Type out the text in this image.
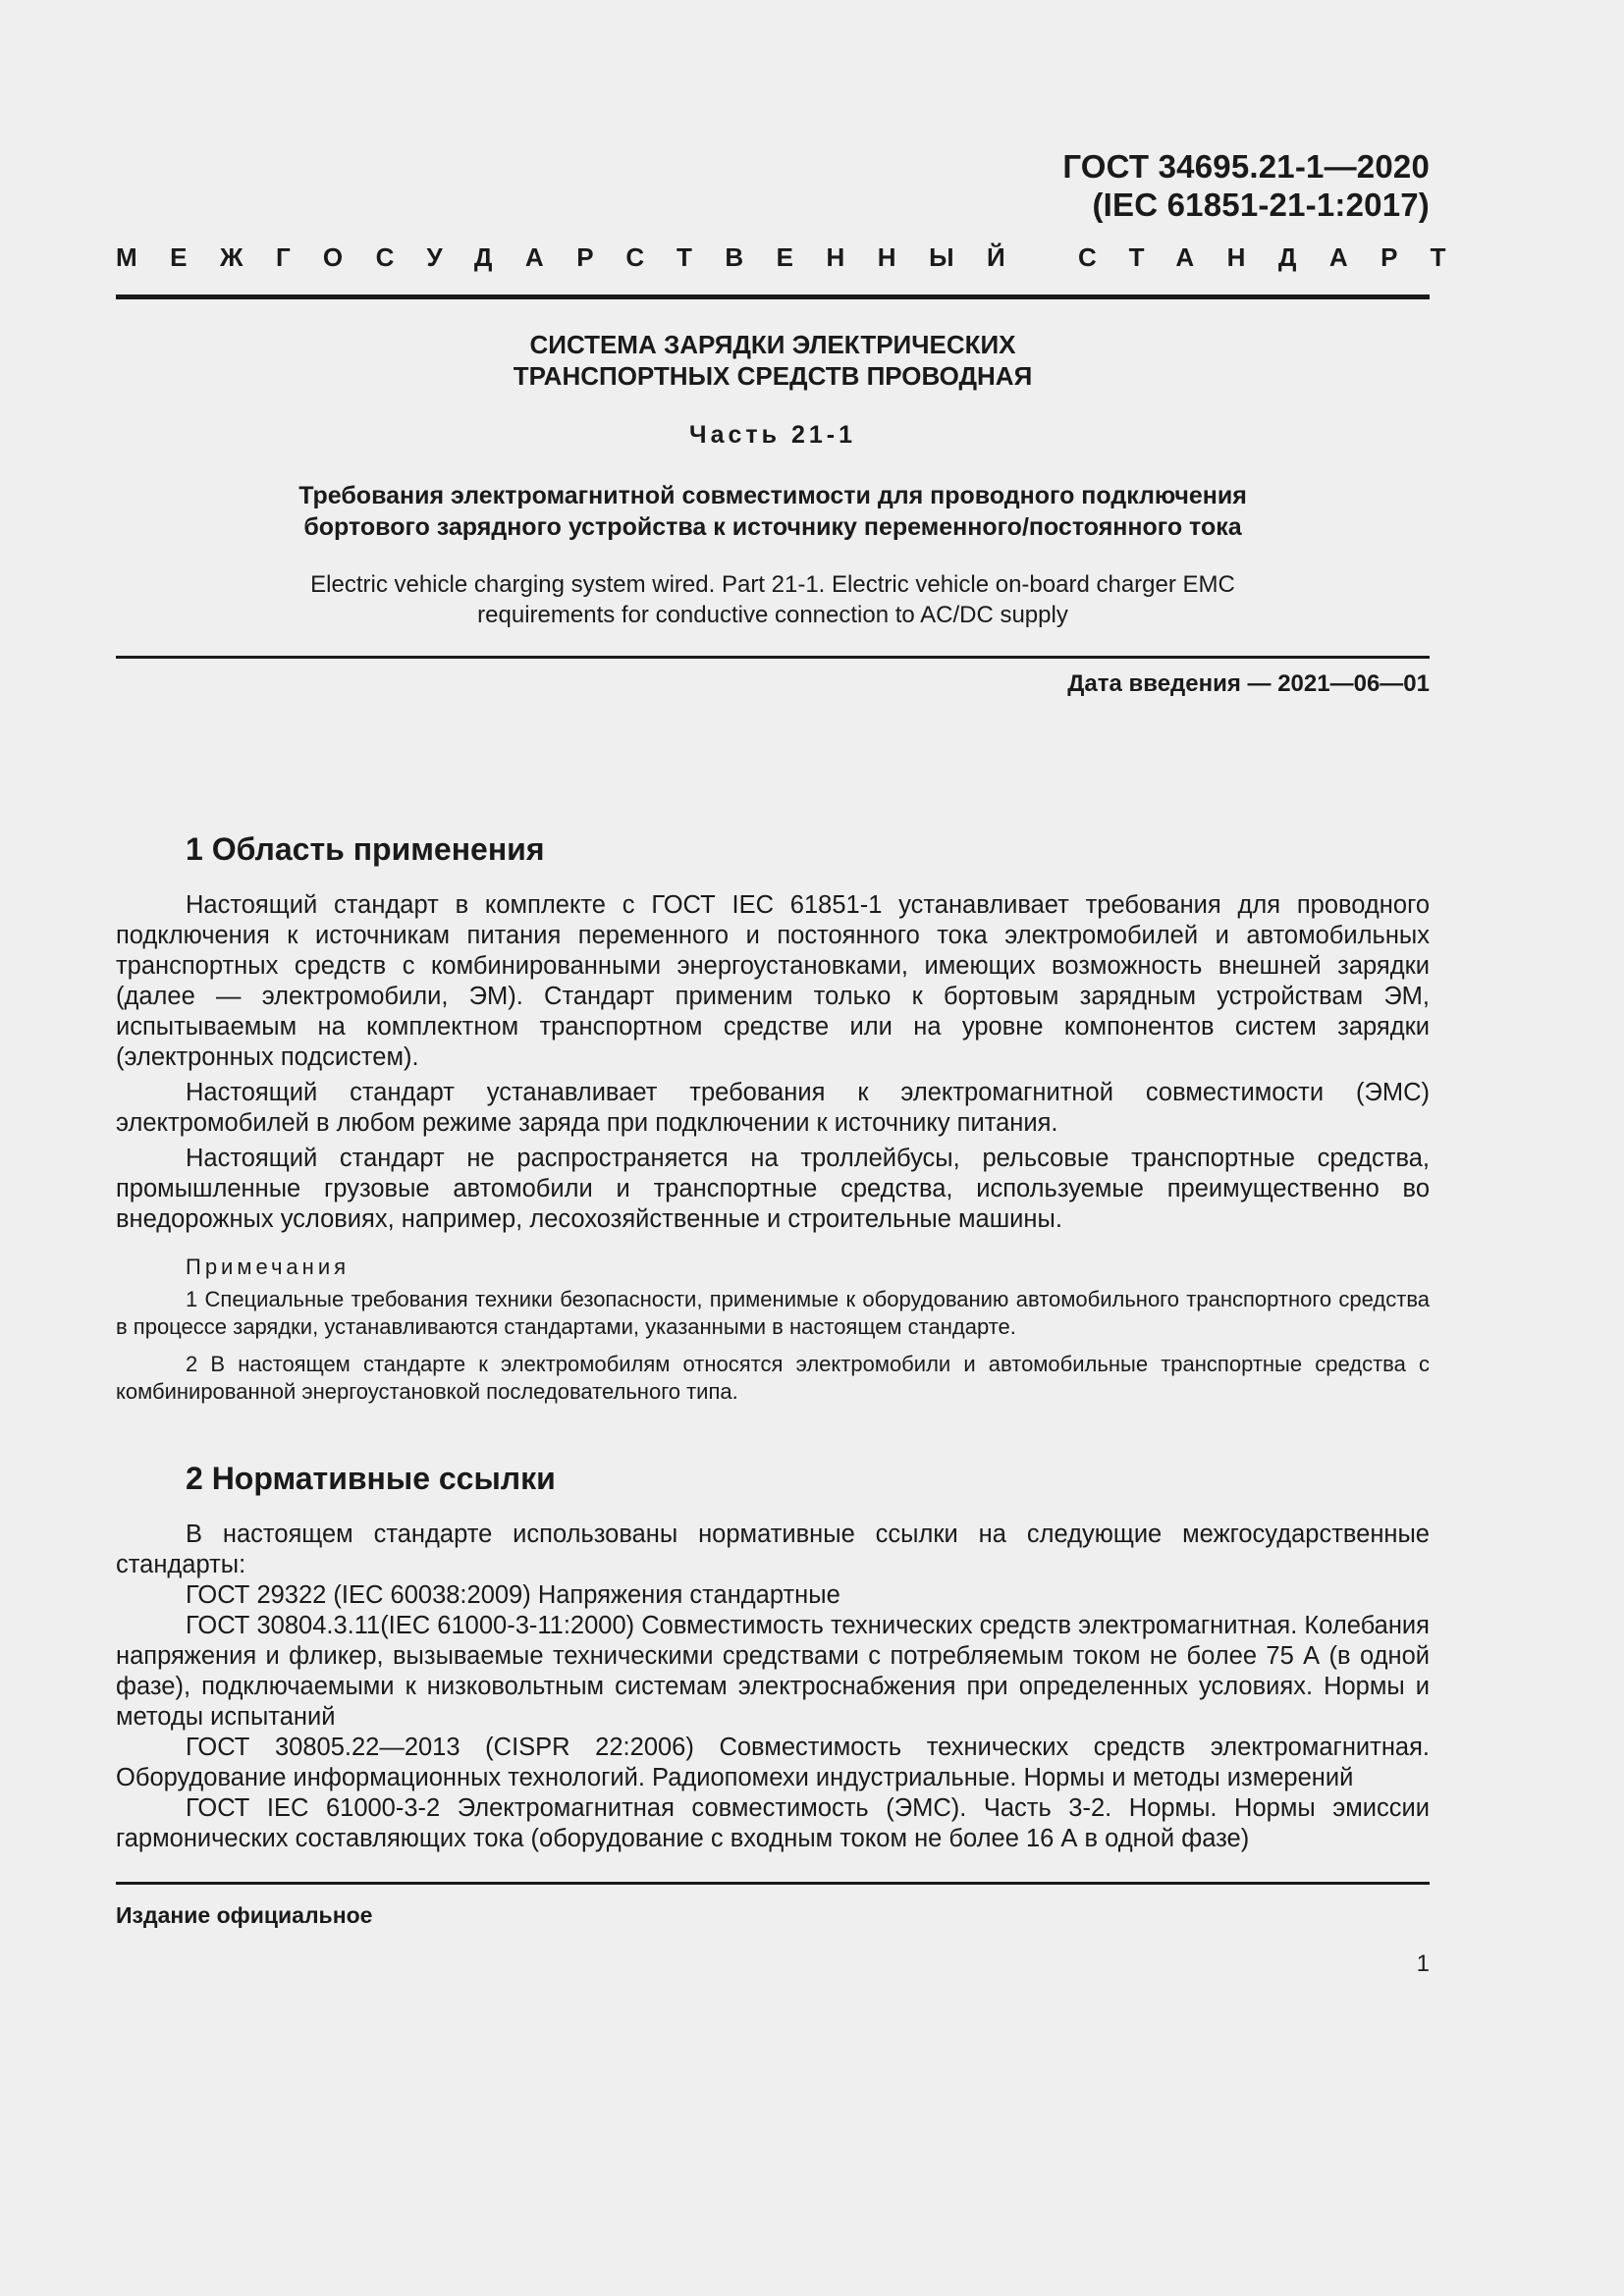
ГОСТ 34695.21-1—2020
(IEC 61851-21-1:2017)
МЕЖГОСУДАРСТВЕННЫЙ СТАНДАРТ
СИСТЕМА ЗАРЯДКИ ЭЛЕКТРИЧЕСКИХ
ТРАНСПОРТНЫХ СРЕДСТВ ПРОВОДНАЯ
Часть 21-1
Требования электромагнитной совместимости для проводного подключения
бортового зарядного устройства к источнику переменного/постоянного тока
Electric vehicle charging system wired. Part 21-1. Electric vehicle on-board charger EMC
requirements for conductive connection to AC/DC supply
Дата введения — 2021—06—01
1 Область применения

Настоящий стандарт в комплекте с ГОСТ IEC 61851-1 устанавливает требования для проводного подключения к источникам питания переменного и постоянного тока электромобилей и автомобильных транспортных средств с комбинированными энергоустановками, имеющих возможность внешней зарядки (далее — электромобили, ЭМ). Стандарт применим только к бортовым зарядным устройствам ЭМ, испытываемым на комплектном транспортном средстве или на уровне компонентов систем зарядки (электронных подсистем).

Настоящий стандарт устанавливает требования к электромагнитной совместимости (ЭМС) электромобилей в любом режиме заряда при подключении к источнику питания.

Настоящий стандарт не распространяется на троллейбусы, рельсовые транспортные средства, промышленные грузовые автомобили и транспортные средства, используемые преимущественно во внедорожных условиях, например, лесохозяйственные и строительные машины.

Примечания

1 Специальные требования техники безопасности, применимые к оборудованию автомобильного транспортного средства в процессе зарядки, устанавливаются стандартами, указанными в настоящем стандарте.

2 В настоящем стандарте к электромобилям относятся электромобили и автомобильные транспортные средства с комбинированной энергоустановкой последовательного типа.

2 Нормативные ссылки

В настоящем стандарте использованы нормативные ссылки на следующие межгосударственные стандарты:

ГОСТ 29322 (IEC 60038:2009) Напряжения стандартные

ГОСТ 30804.3.11(IEC 61000-3-11:2000) Совместимость технических средств электромагнитная. Колебания напряжения и фликер, вызываемые техническими средствами с потребляемым током не более 75 А (в одной фазе), подключаемыми к низковольтным системам электроснабжения при определенных условиях. Нормы и методы испытаний

ГОСТ 30805.22—2013 (CISPR 22:2006) Совместимость технических средств электромагнитная. Оборудование информационных технологий. Радиопомехи индустриальные. Нормы и методы измерений

ГОСТ IEC 61000-3-2 Электромагнитная совместимость (ЭМС). Часть 3-2. Нормы. Нормы эмиссии гармонических составляющих тока (оборудование с входным током не более 16 А в одной фазе)

Издание официальное
1
